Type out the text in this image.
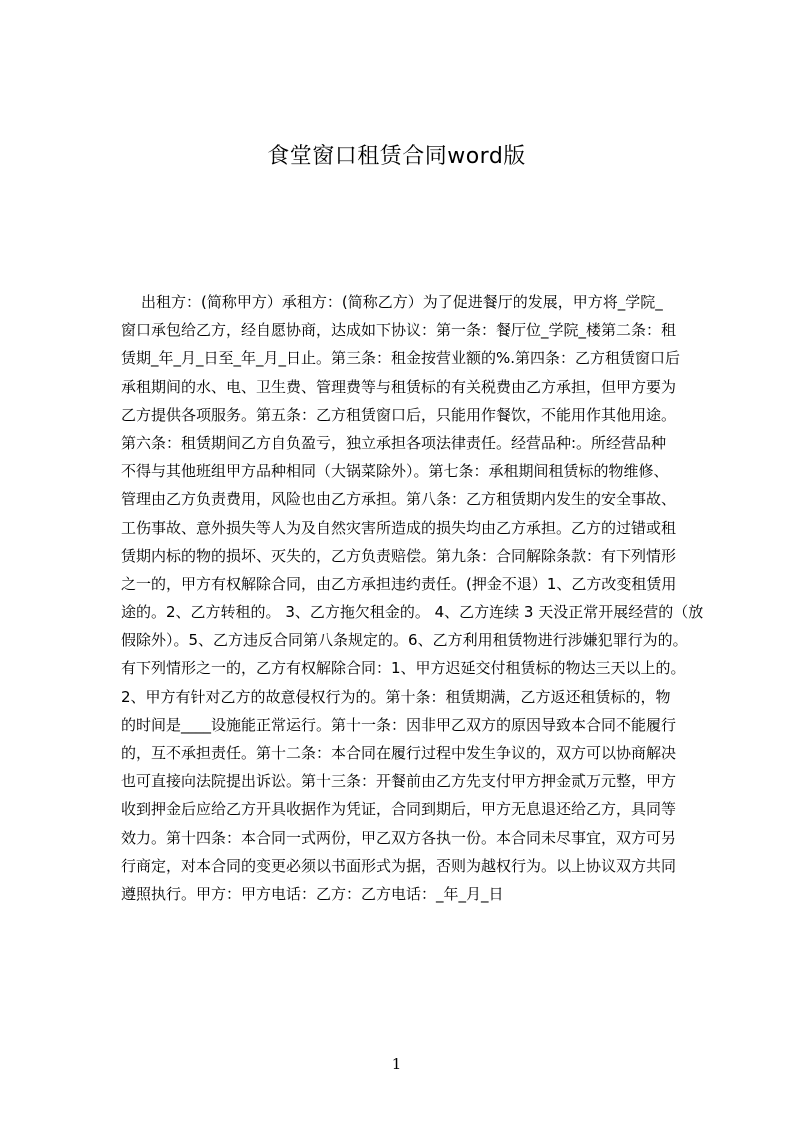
食堂窗口租赁合同word版
出租方：(简称甲方）承租方：(简称乙方）为了促进餐厅的发展，甲方将_学院_
窗口承包给乙方，经自愿协商，达成如下协议：第一条：餐厅位_学院_楼第二条：租
赁期_年_月_日至_年_月_日止。第三条：租金按营业额的%.第四条：乙方租赁窗口后
承租期间的水、电、卫生费、管理费等与租赁标的有关税费由乙方承担，但甲方要为
乙方提供各项服务。第五条：乙方租赁窗口后，只能用作餐饮，不能用作其他用途。
第六条：租赁期间乙方自负盈亏，独立承担各项法律责任。经营品种:。所经营品种
不得与其他班组甲方品种相同（大锅菜除外）。第七条：承租期间租赁标的物维修、
管理由乙方负责费用，风险也由乙方承担。第八条：乙方租赁期内发生的安全事故、
工伤事故、意外损失等人为及自然灾害所造成的损失均由乙方承担。乙方的过错或租
赁期内标的物的损坏、灭失的，乙方负责赔偿。第九条：合同解除条款：有下列情形
之一的，甲方有权解除合同，由乙方承担违约责任。(押金不退）1、乙方改变租赁用
途的。2、乙方转租的。 3、乙方拖欠租金的。 4、乙方连续 3 天没正常开展经营的（放
假除外）。5、乙方违反合同第八条规定的。6、乙方利用租赁物进行涉嫌犯罪行为的。
有下列情形之一的，乙方有权解除合同：1、甲方迟延交付租赁标的物达三天以上的。
2、甲方有针对乙方的故意侵权行为的。第十条：租赁期满，乙方返还租赁标的，物
的时间是____设施能正常运行。第十一条：因非甲乙双方的原因导致本合同不能履行
的，互不承担责任。第十二条：本合同在履行过程中发生争议的，双方可以协商解决
也可直接向法院提出诉讼。第十三条：开餐前由乙方先支付甲方押金贰万元整，甲方
收到押金后应给乙方开具收据作为凭证，合同到期后，甲方无息退还给乙方，具同等
效力。第十四条：本合同一式两份，甲乙双方各执一份。本合同未尽事宜，双方可另
行商定，对本合同的变更必须以书面形式为据，否则为越权行为。以上协议双方共同
遵照执行。甲方：甲方电话：乙方：乙方电话：_年_月_日
1
